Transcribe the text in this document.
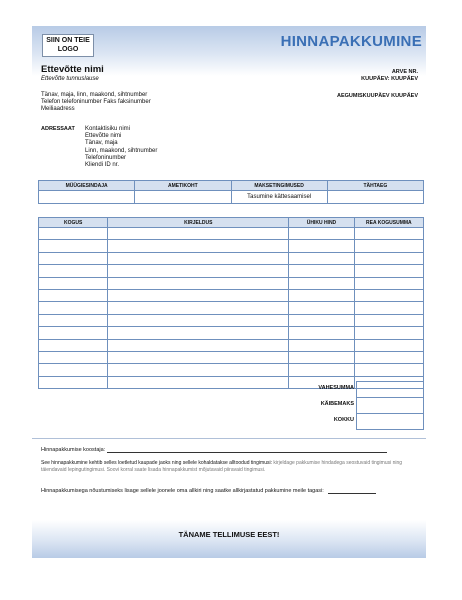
SIIN ON TEIE LOGO	HINNAPAKKUMINE
Ettevõtte nimi
Ettevõtte tunnuslause
ARVE NR.
KUUPÄEV: KUUPÄEV
Tänav, maja, linn, maakond, sihtnumber
Telefon telefoninumber Faks faksinumber
Meiliaadress
AEGUMISKUUPÄEV KUUPÄEV
ADRESSAAT Kontaktisiku nimi
Ettevõtte nimi
Tänav, maja
Linn, maakond, sihtnumber
Telefoninumber
Kliendi ID nr.
MÜÜGIESINDAJA	AMETIKOHT	MAKSETINGIMUSED	TÄHTAEG
		Tasumine kättesaamisel	
KOGUS	KIRJELDUS	ÜHIKU HIND	REA KOGUSUMMA

VAHESUMMA
KÄIBEMAKS
KOKKU
Hinnapakkumise koostaja:
See hinnapakkumine kehtib selles loetletud kaupade jaoks ning sellele kohaldatakse alltoodud tingimusi: kirjeldage pakkumise hindadega seostuvaid tingimusi ning täiendavaid lepingutingimusi. Soovi korral saate lisada hinnapakkumist mõjutavaid piiravaid tingimusi.
Hinnapakkumisega nõustumiseks lisage sellele joonele oma allkiri ning saatke allkirjastatud pakkumine meile tagasi:
TÄNAME TELLIMUSE EEST!
